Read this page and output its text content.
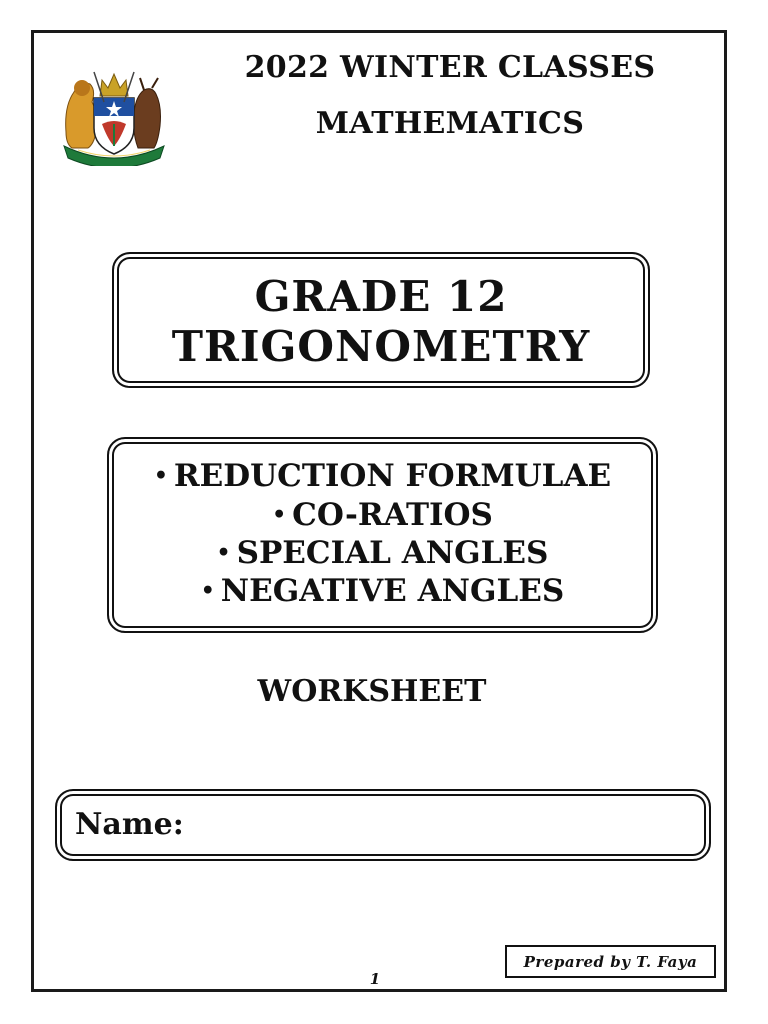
2022 WINTER CLASSES
MATHEMATICS
GRADE 12
TRIGONOMETRY
• REDUCTION FORMULAE
• CO-RATIOS
• SPECIAL ANGLES
• NEGATIVE ANGLES
WORKSHEET
Name:
Prepared by T. Faya
1
